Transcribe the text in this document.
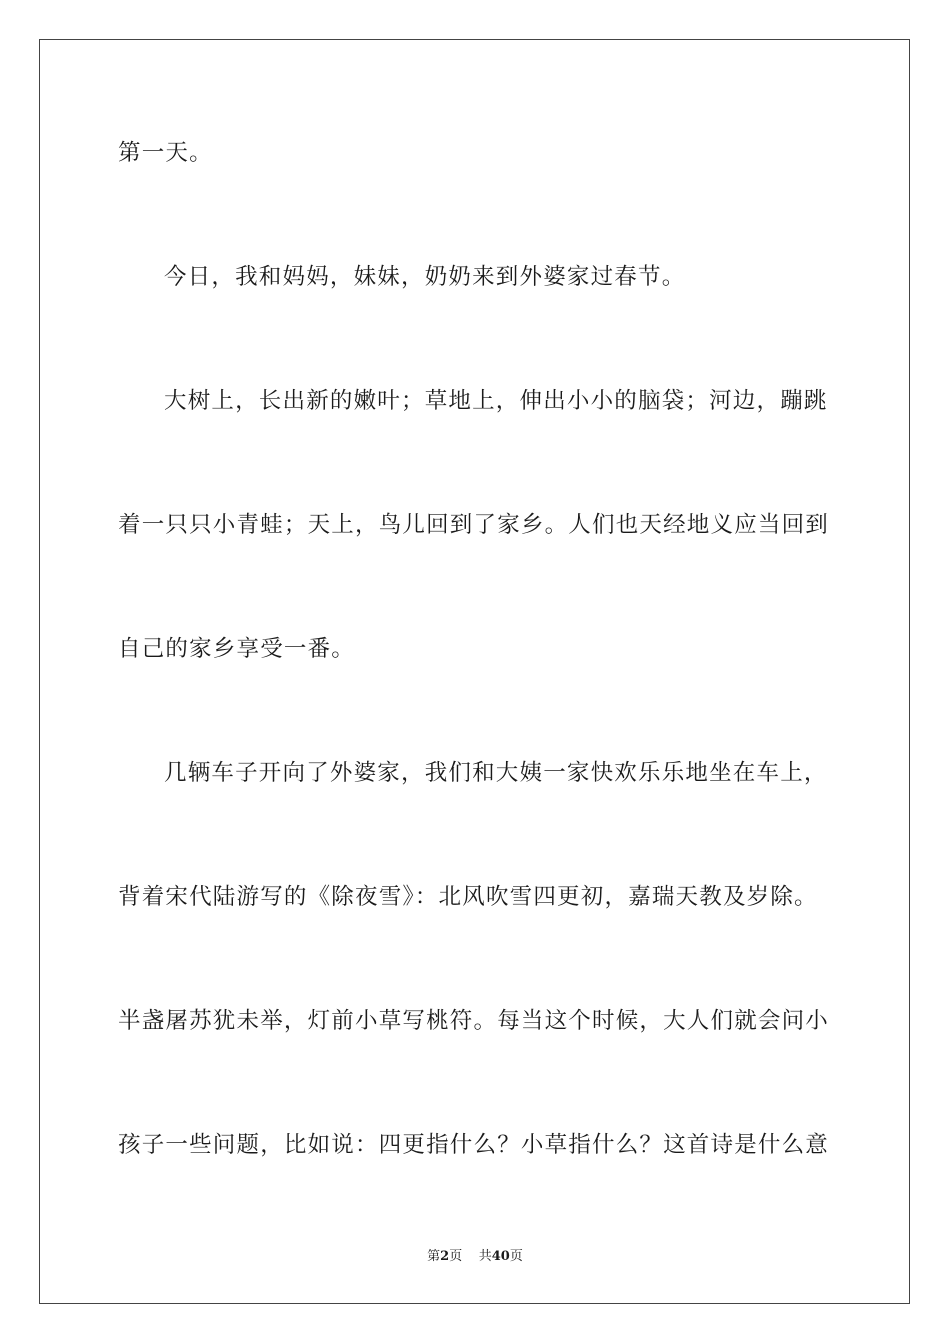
第一天。
今日，我和妈妈，妹妹，奶奶来到外婆家过春节。
大树上，长出新的嫩叶；草地上，伸出小小的脑袋；河边，蹦跳
着一只只小青蛙；天上，鸟儿回到了家乡。人们也天经地义应当回到
自己的家乡享受一番。
几辆车子开向了外婆家，我们和大姨一家快欢乐乐地坐在车上，
背着宋代陆游写的《除夜雪》：北风吹雪四更初，嘉瑞天教及岁除。
半盏屠苏犹未举，灯前小草写桃符。每当这个时候，大人们就会问小
孩子一些问题，比如说：四更指什么？小草指什么？这首诗是什么意
第2页 共40页
